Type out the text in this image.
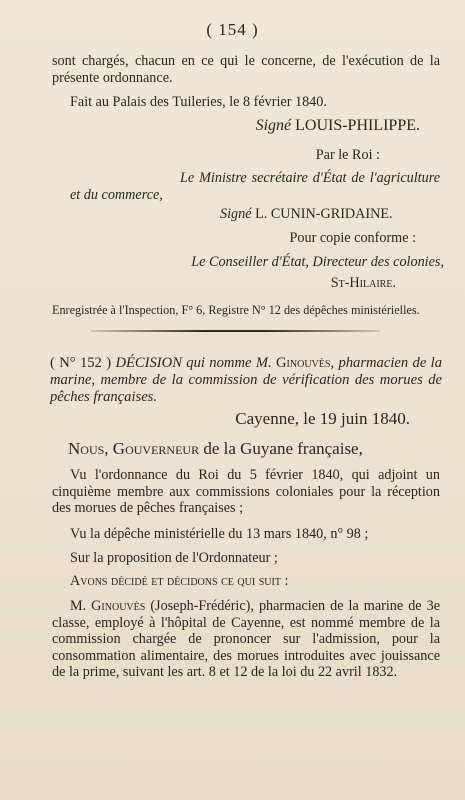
( 154 )

sont chargés, chacun en ce qui le concerne, de l'exécution de la présente ordonnance.

Fait au Palais des Tuileries, le 8 février 1840.

Signé LOUIS-PHILIPPE.

Par le Roi :

Le Ministre secrétaire d'État de l'agriculture et du commerce,

Signé L. CUNIN-GRIDAINE.

Pour copie conforme :

Le Conseiller d'État, Directeur des colonies,

St-Hilaire.

Enregistrée à l'Inspection, F° 6, Registre N° 12 des dépêches ministérielles.

( N° 152 ) DÉCISION qui nomme M. Ginouvès, pharmacien de la marine, membre de la commission de vérification des morues de pêches françaises.

Cayenne, le 19 juin 1840.

Nous, Gouverneur de la Guyane française,

Vu l'ordonnance du Roi du 5 février 1840, qui adjoint un cinquième membre aux commissions coloniales pour la réception des morues de pêches françaises ;

Vu la dépêche ministérielle du 13 mars 1840, n° 98 ;

Sur la proposition de l'Ordonnateur ;

Avons décidé et décidons ce qui suit :

M. Ginouvès (Joseph-Frédéric), pharmacien de la marine de 3e classe, employé à l'hôpital de Cayenne, est nommé membre de la commission chargée de prononcer sur l'admission, pour la consommation alimentaire, des morues introduites avec jouissance de la prime, suivant les art. 8 et 12 de la loi du 22 avril 1832.
